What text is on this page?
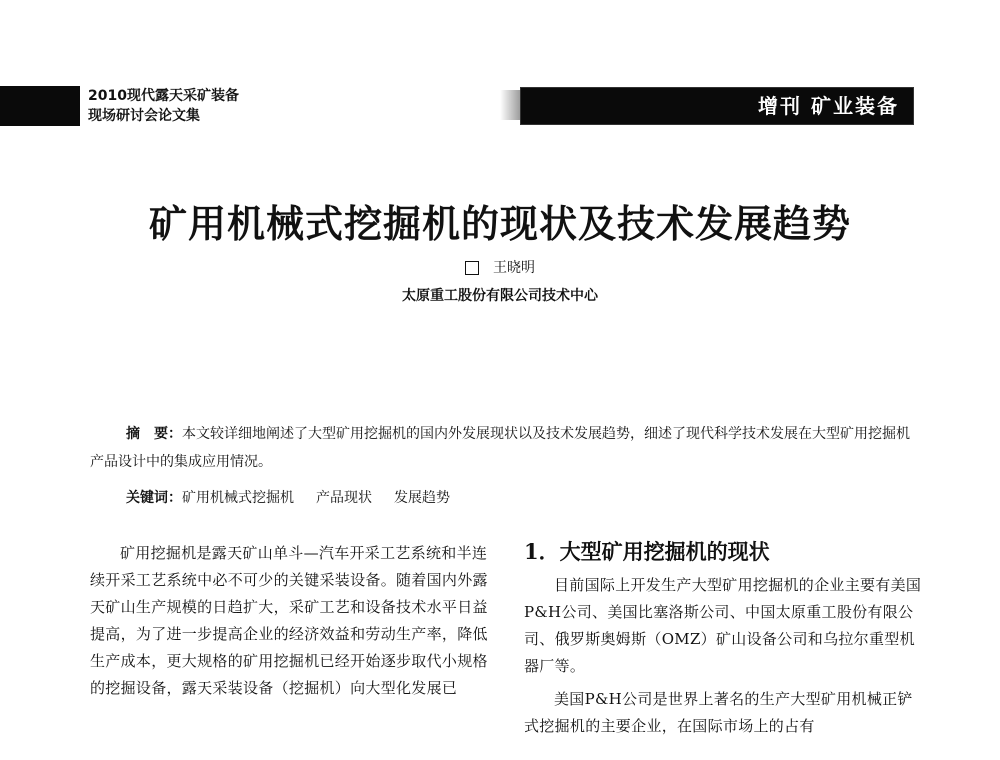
2010现代露天采矿装备
现场研讨会论文集	增刊 矿业装备
矿用机械式挖掘机的现状及技术发展趋势
王晓明
太原重工股份有限公司技术中心
摘　要：本文较详细地阐述了大型矿用挖掘机的国内外发展现状以及技术发展趋势，细述了现代科学技术发展在大型矿用挖掘机产品设计中的集成应用情况。
关键词：矿用机械式挖掘机 产品现状 发展趋势
矿用挖掘机是露天矿山单斗—汽车开采工艺系统和半连续开采工艺系统中必不可少的关键采装设备。随着国内外露天矿山生产规模的日趋扩大，采矿工艺和设备技术水平日益提高，为了进一步提高企业的经济效益和劳动生产率，降低生产成本，更大规格的矿用挖掘机已经开始逐步取代小规格的挖掘设备，露天采装设备（挖掘机）向大型化发展已
1．大型矿用挖掘机的现状

目前国际上开发生产大型矿用挖掘机的企业主要有美国P&H公司、美国比塞洛斯公司、中国太原重工股份有限公司、俄罗斯奥姆斯（OMZ）矿山设备公司和乌拉尔重型机器厂等。

美国P&H公司是世界上著名的生产大型矿用机械正铲式挖掘机的主要企业，在国际市场上的占有
